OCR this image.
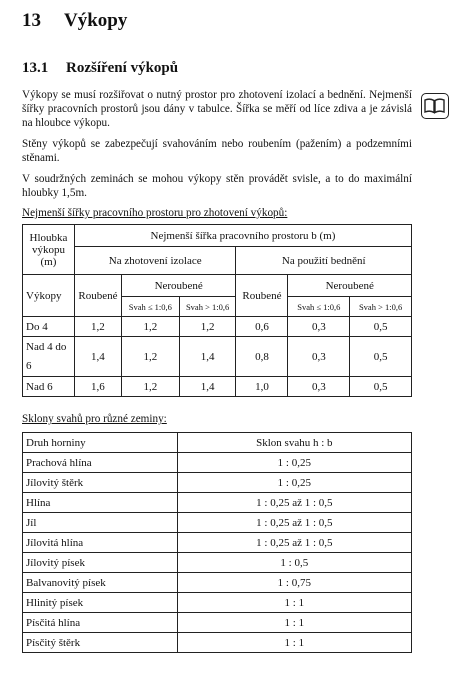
13 Výkopy
13.1 Rozšíření výkopů

Výkopy se musí rozšiřovat o nutný prostor pro zhotovení izolací a bednění. Nejmenší šířky pracovních prostorů jsou dány v tabulce. Šířka se měří od líce zdiva a je závislá na hloubce výkopu.

Stěny výkopů se zabezpečují svahováním nebo roubením (pažením) a podzemními stěnami.

V soudržných zeminách se mohou výkopy stěn provádět svisle, a to do maximální hloubky 1,5m.

Nejmenší šířky pracovního prostoru pro zhotovení výkopů:
Hloubka výkopu (m)	Nejmenší šířka pracovního prostoru b (m)					
	Na zhotovení izolace			Na použití bednění		
Výkopy	Roubené	Neroubené		Roubené	Neroubené	
		Svah ≤ 1:0,6	Svah > 1:0,6		Svah ≤ 1:0,6	Svah > 1:0,6
Do 4	1,2	1,2	1,2	0,6	0,3	0,5
Nad 4 do 6	1,4	1,2	1,4	0,8	0,3	0,5
Nad 6	1,6	1,2	1,4	1,0	0,3	0,5
Sklony svahů pro různé zeminy:
Druh horniny	Sklon svahu h : b
Prachová hlína	1 : 0,25
Jílovitý štěrk	1 : 0,25
Hlína	1 : 0,25 až 1 : 0,5
Jíl	1 : 0,25 až 1 : 0,5
Jílovitá hlína	1 : 0,25 až 1 : 0,5
Jílovitý písek	1 : 0,5
Balvanovitý písek	1 : 0,75
Hlinitý písek	1 : 1
Písčitá hlína	1 : 1
Písčitý štěrk	1 : 1
